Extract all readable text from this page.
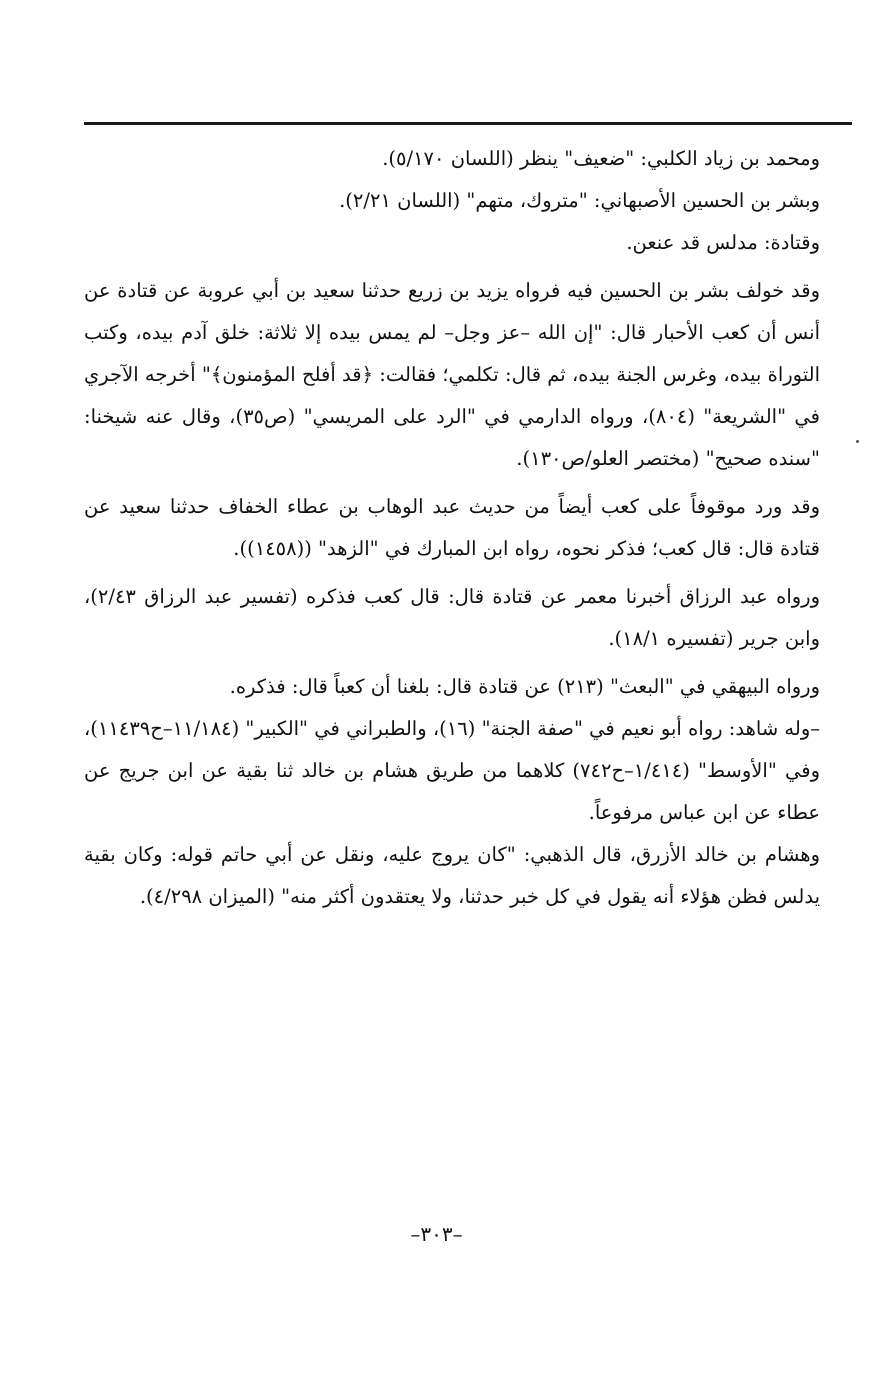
ومحمد بن زياد الكلبي: "ضعيف" ينظر (اللسان ٥/١٧٠).

وبشر بن الحسين الأصبهاني: "متروك، متهم" (اللسان ٢/٢١).

وقتادة: مدلس قد عنعن.

وقد خولف بشر بن الحسين فيه فرواه يزيد بن زريع حدثنا سعيد بن أبي عروبة عن قتادة عن أنس أن كعب الأحبار قال: "إن الله –عز وجل– لم يمس بيده إلا ثلاثة: خلق آدم بيده، وكتب التوراة بيده، وغرس الجنة بيده، ثم قال: تكلمي؛ فقالت: ﴿قد أفلح المؤمنون﴾" أخرجه الآجري في "الشريعة" (٨٠٤)، ورواه الدارمي في "الرد على المريسي" (ص٣٥)، وقال عنه شيخنا: "سنده صحيح" (مختصر العلو/ص١٣٠).

وقد ورد موقوفاً على كعب أيضاً من حديث عبد الوهاب بن عطاء الخفاف حدثنا سعيد عن قتادة قال: قال كعب؛ فذكر نحوه، رواه ابن المبارك في "الزهد" ((١٤٥٨)).

ورواه عبد الرزاق أخبرنا معمر عن قتادة قال: قال كعب فذكره (تفسير عبد الرزاق ٢/٤٣)، وابن جرير (تفسيره ١٨/١).

ورواه البيهقي في "البعث" (٢١٣) عن قتادة قال: بلغنا أن كعباً قال: فذكره.

–وله شاهد: رواه أبو نعيم في "صفة الجنة" (١٦)، والطبراني في "الكبير" (١١/١٨٤–ح١١٤٣٩)، وفي "الأوسط" (١/٤١٤–ح٧٤٢) كلاهما من طريق هشام بن خالد ثنا بقية عن ابن جريج عن عطاء عن ابن عباس مرفوعاً.

وهشام بن خالد الأزرق، قال الذهبي: "كان يروج عليه، ونقل عن أبي حاتم قوله: وكان بقية يدلس فظن هؤلاء أنه يقول في كل خبر حدثنا، ولا يعتقدون أكثر منه" (الميزان ٤/٢٩٨).

–٣٠٣–
